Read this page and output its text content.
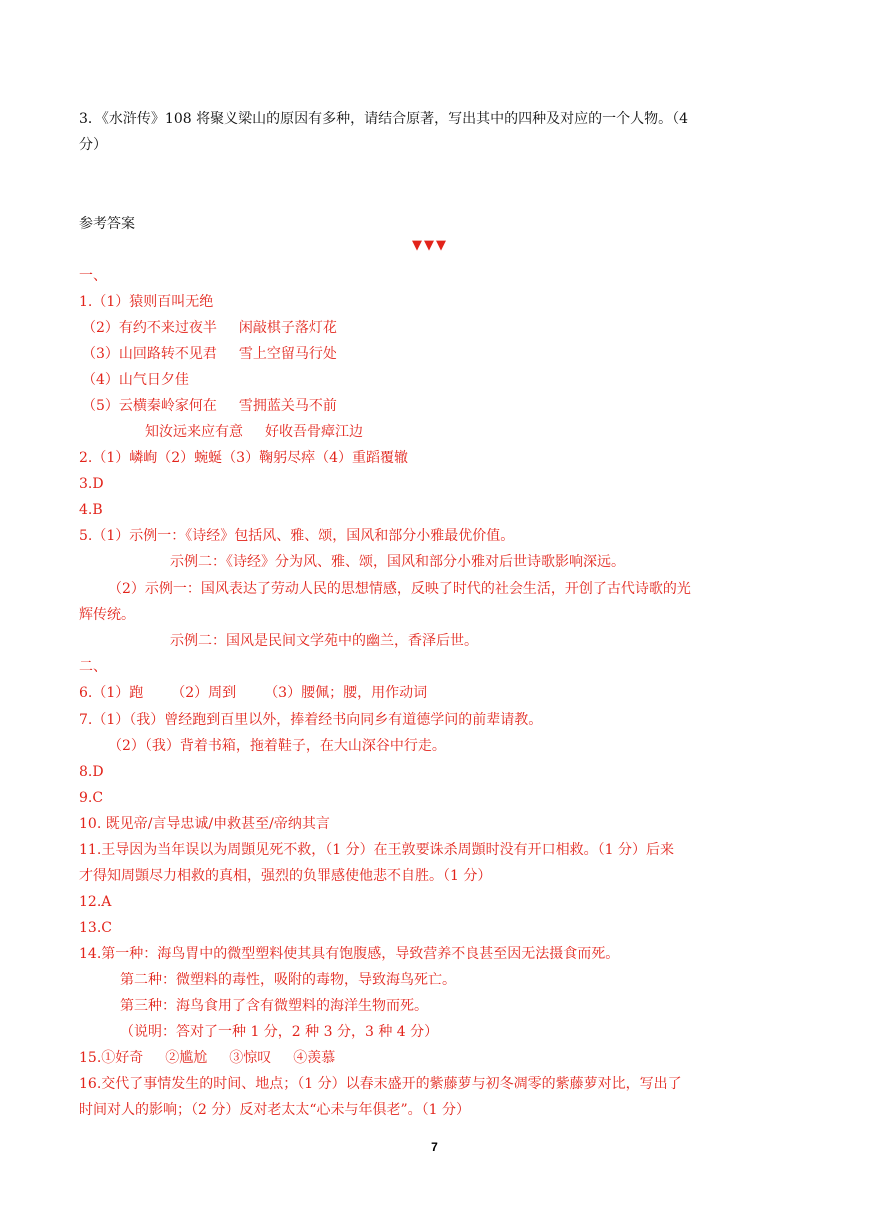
3．《水浒传》108 将聚义梁山的原因有多种，请结合原著，写出其中的四种及对应的一个人物。（4
分）
参考答案
▼▼▼
一、
1.（1）猿则百叫无绝
（2）有约不来过夜半 闲敲棋子落灯花
（3）山回路转不见君 雪上空留马行处
（4）山气日夕佳
（5）云横秦岭家何在 雪拥蓝关马不前
知汝远来应有意 好收吾骨瘴江边
2.（1）嶙峋（2）蜿蜒（3）鞠躬尽瘁（4）重蹈覆辙
3.D
4.B
5.（1）示例一：《诗经》包括风、雅、颂，国风和部分小雅最优价值。
示例二：《诗经》分为风、雅、颂，国风和部分小雅对后世诗歌影响深远。
（2）示例一：国风表达了劳动人民的思想情感，反映了时代的社会生活，开创了古代诗歌的光
辉传统。
示例二：国风是民间文学苑中的幽兰，香泽后世。
二、
6.（1）跑 （2）周到 （3）腰佩；腰，用作动词
7.（1）（我）曾经跑到百里以外，捧着经书向同乡有道德学问的前辈请教。
（2）（我）背着书箱，拖着鞋子，在大山深谷中行走。
8.D
9.C
10. 既见帝/言导忠诚/申救甚至/帝纳其言
11.王导因为当年误以为周顗见死不救，（1 分）在王敦要诛杀周顗时没有开口相救。（1 分）后来
才得知周顗尽力相救的真相，强烈的负罪感使他悲不自胜。（1 分）
12.A
13.C
14.第一种：海鸟胃中的微型塑料使其具有饱腹感，导致营养不良甚至因无法摄食而死。
第二种：微塑料的毒性，吸附的毒物，导致海鸟死亡。
第三种：海鸟食用了含有微塑料的海洋生物而死。
（说明：答对了一种 1 分，2 种 3 分，3 种 4 分）
15.①好奇 ②尴尬 ③惊叹 ④羡慕
16.交代了事情发生的时间、地点；（1 分）以春末盛开的紫藤萝与初冬凋零的紫藤萝对比，写出了
时间对人的影响；（2 分）反对老太太“心未与年俱老”。（1 分）
7
